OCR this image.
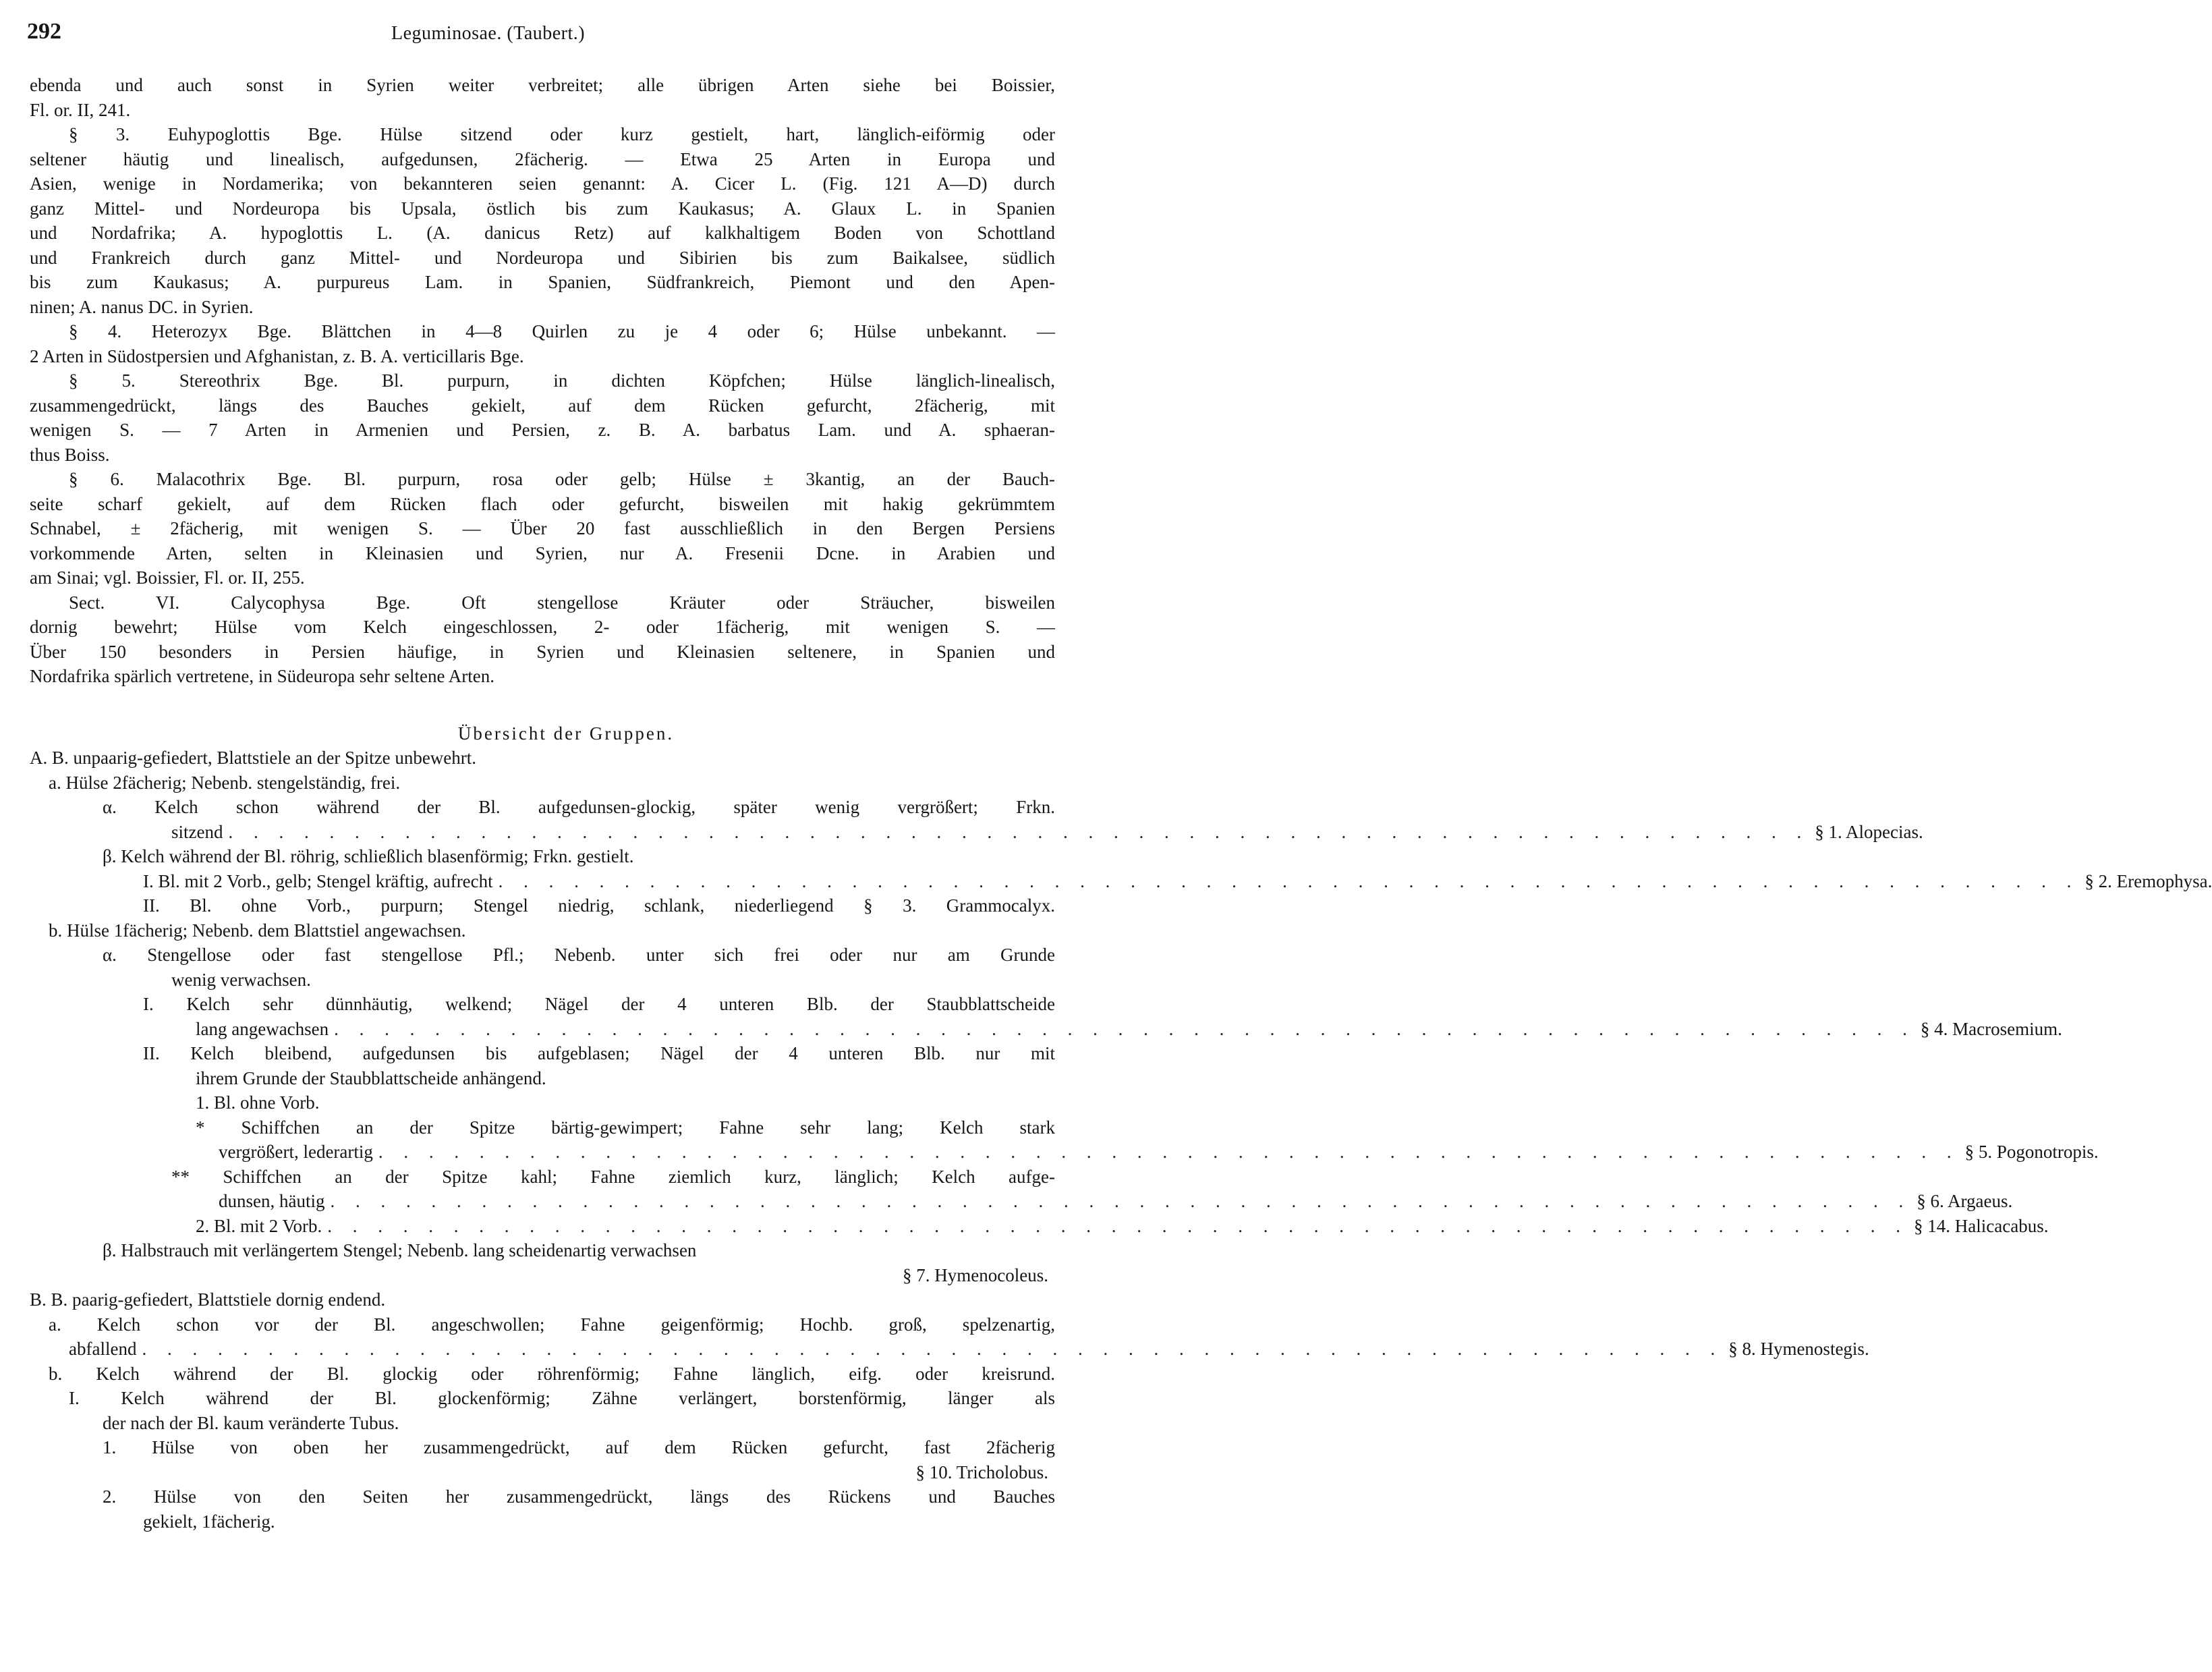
292	Leguminosae. (Taubert.)
ebenda und auch sonst in Syrien weiter verbreitet; alle übrigen Arten siehe bei Boissier,
Fl. or. II, 241.
§ 3. Euhypoglottis Bge. Hülse sitzend oder kurz gestielt, hart, länglich-eiförmig oder
seltener häutig und linealisch, aufgedunsen, 2fächerig. — Etwa 25 Arten in Europa und
Asien, wenige in Nordamerika; von bekannteren seien genannt: A. Cicer L. (Fig. 121 A—D) durch
ganz Mittel- und Nordeuropa bis Upsala, östlich bis zum Kaukasus; A. Glaux L. in Spanien
und Nordafrika; A. hypoglottis L. (A. danicus Retz) auf kalkhaltigem Boden von Schottland
und Frankreich durch ganz Mittel- und Nordeuropa und Sibirien bis zum Baikalsee, südlich
bis zum Kaukasus; A. purpureus Lam. in Spanien, Südfrankreich, Piemont und den Apen-
ninen; A. nanus DC. in Syrien.
§ 4. Heterozyx Bge. Blättchen in 4—8 Quirlen zu je 4 oder 6; Hülse unbekannt. —
2 Arten in Südostpersien und Afghanistan, z. B. A. verticillaris Bge.
§ 5. Stereothrix Bge. Bl. purpurn, in dichten Köpfchen; Hülse länglich-linealisch,
zusammengedrückt, längs des Bauches gekielt, auf dem Rücken gefurcht, 2fächerig, mit
wenigen S. — 7 Arten in Armenien und Persien, z. B. A. barbatus Lam. und A. sphaeran-
thus Boiss.
§ 6. Malacothrix Bge. Bl. purpurn, rosa oder gelb; Hülse ± 3kantig, an der Bauch-
seite scharf gekielt, auf dem Rücken flach oder gefurcht, bisweilen mit hakig gekrümmtem
Schnabel, ± 2fächerig, mit wenigen S. — Über 20 fast ausschließlich in den Bergen Persiens
vorkommende Arten, selten in Kleinasien und Syrien, nur A. Fresenii Dcne. in Arabien und
am Sinai; vgl. Boissier, Fl. or. II, 255.
Sect. VI. Calycophysa Bge. Oft stengellose Kräuter oder Sträucher, bisweilen
dornig bewehrt; Hülse vom Kelch eingeschlossen, 2- oder 1fächerig, mit wenigen S. —
Über 150 besonders in Persien häufige, in Syrien und Kleinasien seltenere, in Spanien und
Nordafrika spärlich vertretene, in Südeuropa sehr seltene Arten.
Übersicht der Gruppen.
A. B. unpaarig-gefiedert, Blattstiele an der Spitze unbewehrt.
a. Hülse 2fächerig; Nebenb. stengelständig, frei.
α. Kelch schon während der Bl. aufgedunsen-glockig, später wenig vergrößert; Frkn.
sitzend . . . . . . . . . . . . . . . . . . . . . . . . . . . . . . . . . . . . . . . . . . . . . . . . . . . . . . . . . . . . . . . § 1. Alopecias.
β. Kelch während der Bl. röhrig, schließlich blasenförmig; Frkn. gestielt.
I. Bl. mit 2 Vorb., gelb; Stengel kräftig, aufrecht . . . . . . . . . . . . . . . . . . . . . . . . . . . . . . . . . . . . . . . . . . . . . . . . . . . . . . . . . . . . . . . § 2. Eremophysa.
II. Bl. ohne Vorb., purpurn; Stengel niedrig, schlank, niederliegend § 3. Grammocalyx.
b. Hülse 1fächerig; Nebenb. dem Blattstiel angewachsen.
α. Stengellose oder fast stengellose Pfl.; Nebenb. unter sich frei oder nur am Grunde
wenig verwachsen.
I. Kelch sehr dünnhäutig, welkend; Nägel der 4 unteren Blb. der Staubblattscheide
lang angewachsen . . . . . . . . . . . . . . . . . . . . . . . . . . . . . . . . . . . . . . . . . . . . . . . . . . . . . . . . . . . . . . . § 4. Macrosemium.
II. Kelch bleibend, aufgedunsen bis aufgeblasen; Nägel der 4 unteren Blb. nur mit
ihrem Grunde der Staubblattscheide anhängend.
1. Bl. ohne Vorb.
* Schiffchen an der Spitze bärtig-gewimpert; Fahne sehr lang; Kelch stark
vergrößert, lederartig . . . . . . . . . . . . . . . . . . . . . . . . . . . . . . . . . . . . . . . . . . . . . . . . . . . . . . . . . . . . . . . § 5. Pogonotropis.
** Schiffchen an der Spitze kahl; Fahne ziemlich kurz, länglich; Kelch aufge-
dunsen, häutig . . . . . . . . . . . . . . . . . . . . . . . . . . . . . . . . . . . . . . . . . . . . . . . . . . . . . . . . . . . . . . . § 6. Argaeus.
2. Bl. mit 2 Vorb. . . . . . . . . . . . . . . . . . . . . . . . . . . . . . . . . . . . . . . . . . . . . . . . . . . . . . . . . . . . . . . . § 14. Halicacabus.
β. Halbstrauch mit verlängertem Stengel; Nebenb. lang scheidenartig verwachsen
§ 7. Hymenocoleus.
B. B. paarig-gefiedert, Blattstiele dornig endend.
a. Kelch schon vor der Bl. angeschwollen; Fahne geigenförmig; Hochb. groß, spelzenartig,
abfallend . . . . . . . . . . . . . . . . . . . . . . . . . . . . . . . . . . . . . . . . . . . . . . . . . . . . . . . . . . . . . . . § 8. Hymenostegis.
b. Kelch während der Bl. glockig oder röhrenförmig; Fahne länglich, eifg. oder kreisrund.
I. Kelch während der Bl. glockenförmig; Zähne verlängert, borstenförmig, länger als
der nach der Bl. kaum veränderte Tubus.
1. Hülse von oben her zusammengedrückt, auf dem Rücken gefurcht, fast 2fächerig
§ 10. Tricholobus.
2. Hülse von den Seiten her zusammengedrückt, längs des Rückens und Bauches
gekielt, 1fächerig.
